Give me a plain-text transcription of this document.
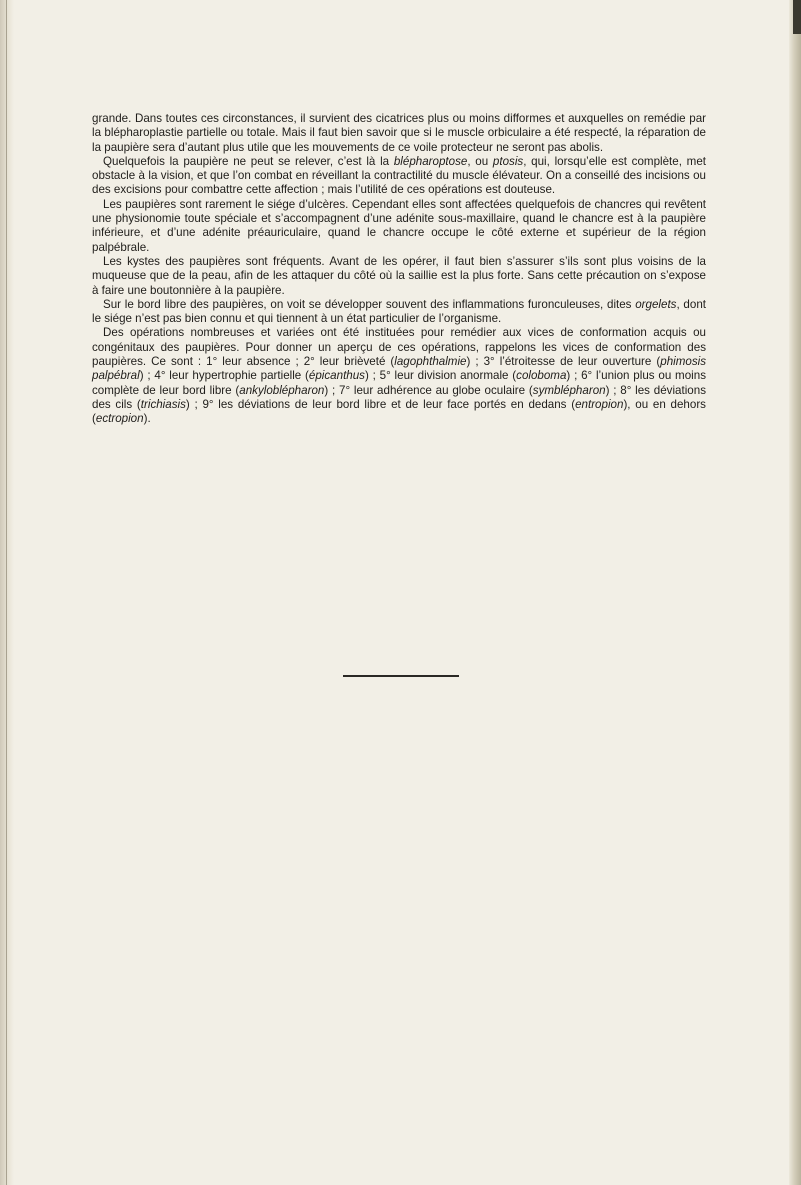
grande. Dans toutes ces circonstances, il survient des cicatrices plus ou moins difformes et auxquelles on remédie par la blépharoplastie partielle ou totale. Mais il faut bien savoir que si le muscle orbiculaire a été respecté, la réparation de la paupière sera d’autant plus utile que les mouvements de ce voile protecteur ne seront pas abolis.

Quelquefois la paupière ne peut se relever, c’est là la blépharoptose, ou ptosis, qui, lorsqu’elle est complète, met obstacle à la vision, et que l’on combat en réveillant la contractilité du muscle élévateur. On a conseillé des incisions ou des excisions pour combattre cette affection ; mais l’utilité de ces opérations est douteuse.

Les paupières sont rarement le siége d’ulcères. Cependant elles sont affectées quelquefois de chancres qui revêtent une physionomie toute spéciale et s’accompagnent d’une adénite sous-maxillaire, quand le chancre est à la paupière inférieure, et d’une adénite préauriculaire, quand le chancre occupe le côté externe et supérieur de la région palpébrale.

Les kystes des paupières sont fréquents. Avant de les opérer, il faut bien s’assurer s’ils sont plus voisins de la muqueuse que de la peau, afin de les attaquer du côté où la saillie est la plus forte. Sans cette précaution on s’expose à faire une boutonnière à la paupière.

Sur le bord libre des paupières, on voit se développer souvent des inflammations furonculeuses, dites orgelets, dont le siége n’est pas bien connu et qui tiennent à un état particulier de l’organisme.

Des opérations nombreuses et variées ont été instituées pour remédier aux vices de conformation acquis ou congénitaux des paupières. Pour donner un aperçu de ces opérations, rappelons les vices de conformation des paupières. Ce sont : 1° leur absence ; 2° leur brièveté (lagophthalmie) ; 3° l’étroitesse de leur ouverture (phimosis palpébral) ; 4° leur hypertrophie partielle (épicanthus) ; 5° leur division anormale (coloboma) ; 6° l’union plus ou moins complète de leur bord libre (ankyloblépharon) ; 7° leur adhérence au globe oculaire (symblépharon) ; 8° les déviations des cils (trichiasis) ; 9° les déviations de leur bord libre et de leur face portés en dedans (entropion), ou en dehors (ectropion).
